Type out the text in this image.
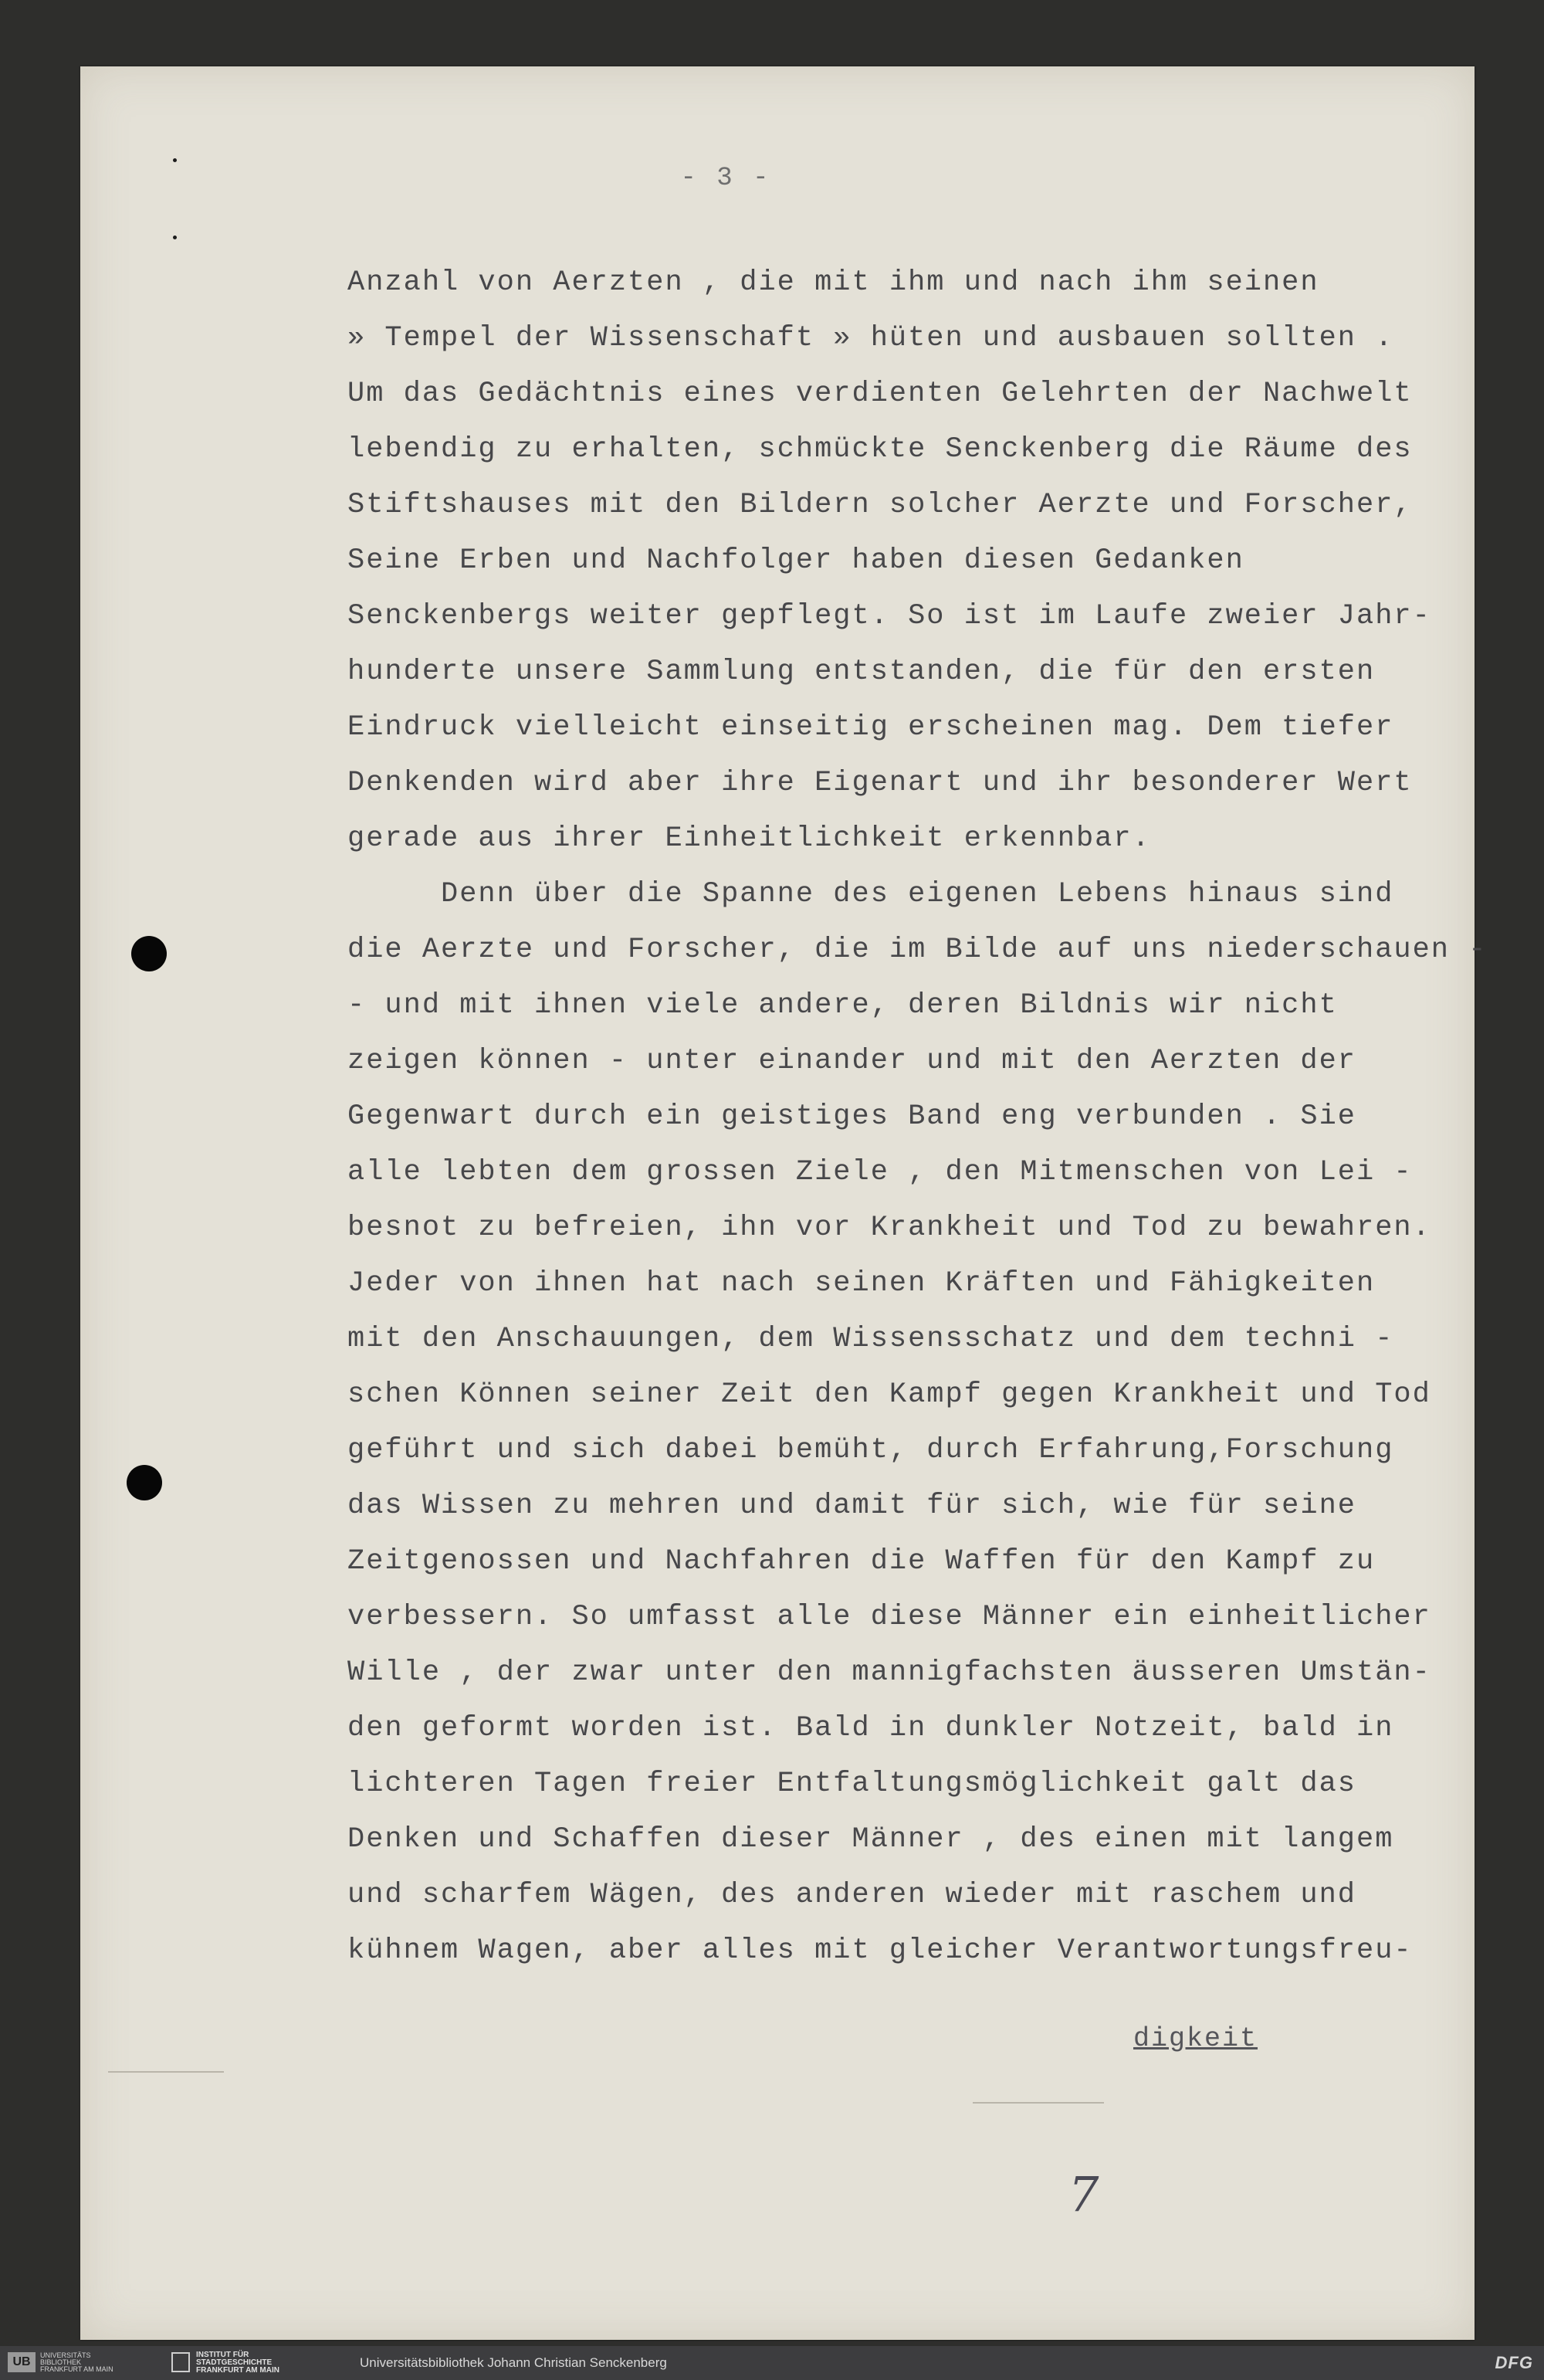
- 3 -
Anzahl von Aerzten , die mit ihm und nach ihm seinen
» Tempel der Wissenschaft » hüten und ausbauen sollten .
Um das Gedächtnis eines verdienten Gelehrten der Nachwelt
lebendig zu erhalten, schmückte Senckenberg die Räume des
Stiftshauses mit den Bildern solcher Aerzte und Forscher,
Seine Erben und Nachfolger haben diesen Gedanken
Senckenbergs weiter gepflegt. So ist im Laufe zweier Jahr-
hunderte unsere Sammlung entstanden, die für den ersten
Eindruck vielleicht einseitig erscheinen mag. Dem tiefer
Denkenden wird aber ihre Eigenart und ihr besonderer Wert
gerade aus ihrer Einheitlichkeit erkennbar.
Denn über die Spanne des eigenen Lebens hinaus sind
die Aerzte und Forscher, die im Bilde auf uns niederschauen -
- und mit ihnen viele andere, deren Bildnis wir nicht
zeigen können - unter einander und mit den Aerzten der
Gegenwart durch ein geistiges Band eng verbunden . Sie
alle lebten dem grossen Ziele , den Mitmenschen von Lei -
besnot zu befreien, ihn vor Krankheit und Tod zu bewahren.
Jeder von ihnen hat nach seinen Kräften und Fähigkeiten
mit den Anschauungen, dem Wissensschatz und dem techni -
schen Können seiner Zeit den Kampf gegen Krankheit und Tod
geführt und sich dabei bemüht, durch Erfahrung,Forschung
das Wissen zu mehren und damit für sich, wie für seine
Zeitgenossen und Nachfahren die Waffen für den Kampf zu
verbessern. So umfasst alle diese Männer ein einheitlicher
Wille , der zwar unter den mannigfachsten äusseren Umstän-
den geformt worden ist. Bald in dunkler Notzeit, bald in
lichteren Tagen freier Entfaltungsmöglichkeit galt das
Denken und Schaffen dieser Männer , des einen mit langem
und scharfem Wägen, des anderen wieder mit raschem und
kühnem Wagen, aber alles mit gleicher Verantwortungsfreu-
digkeit
7
UB	UNIVERSITÄTS
BIBLIOTHEK
FRANKFURT AM MAIN
INSTITUT FÜR
STADTGESCHICHTE
FRANKFURT AM MAIN
Universitätsbibliothek Johann Christian Senckenberg	DFG
